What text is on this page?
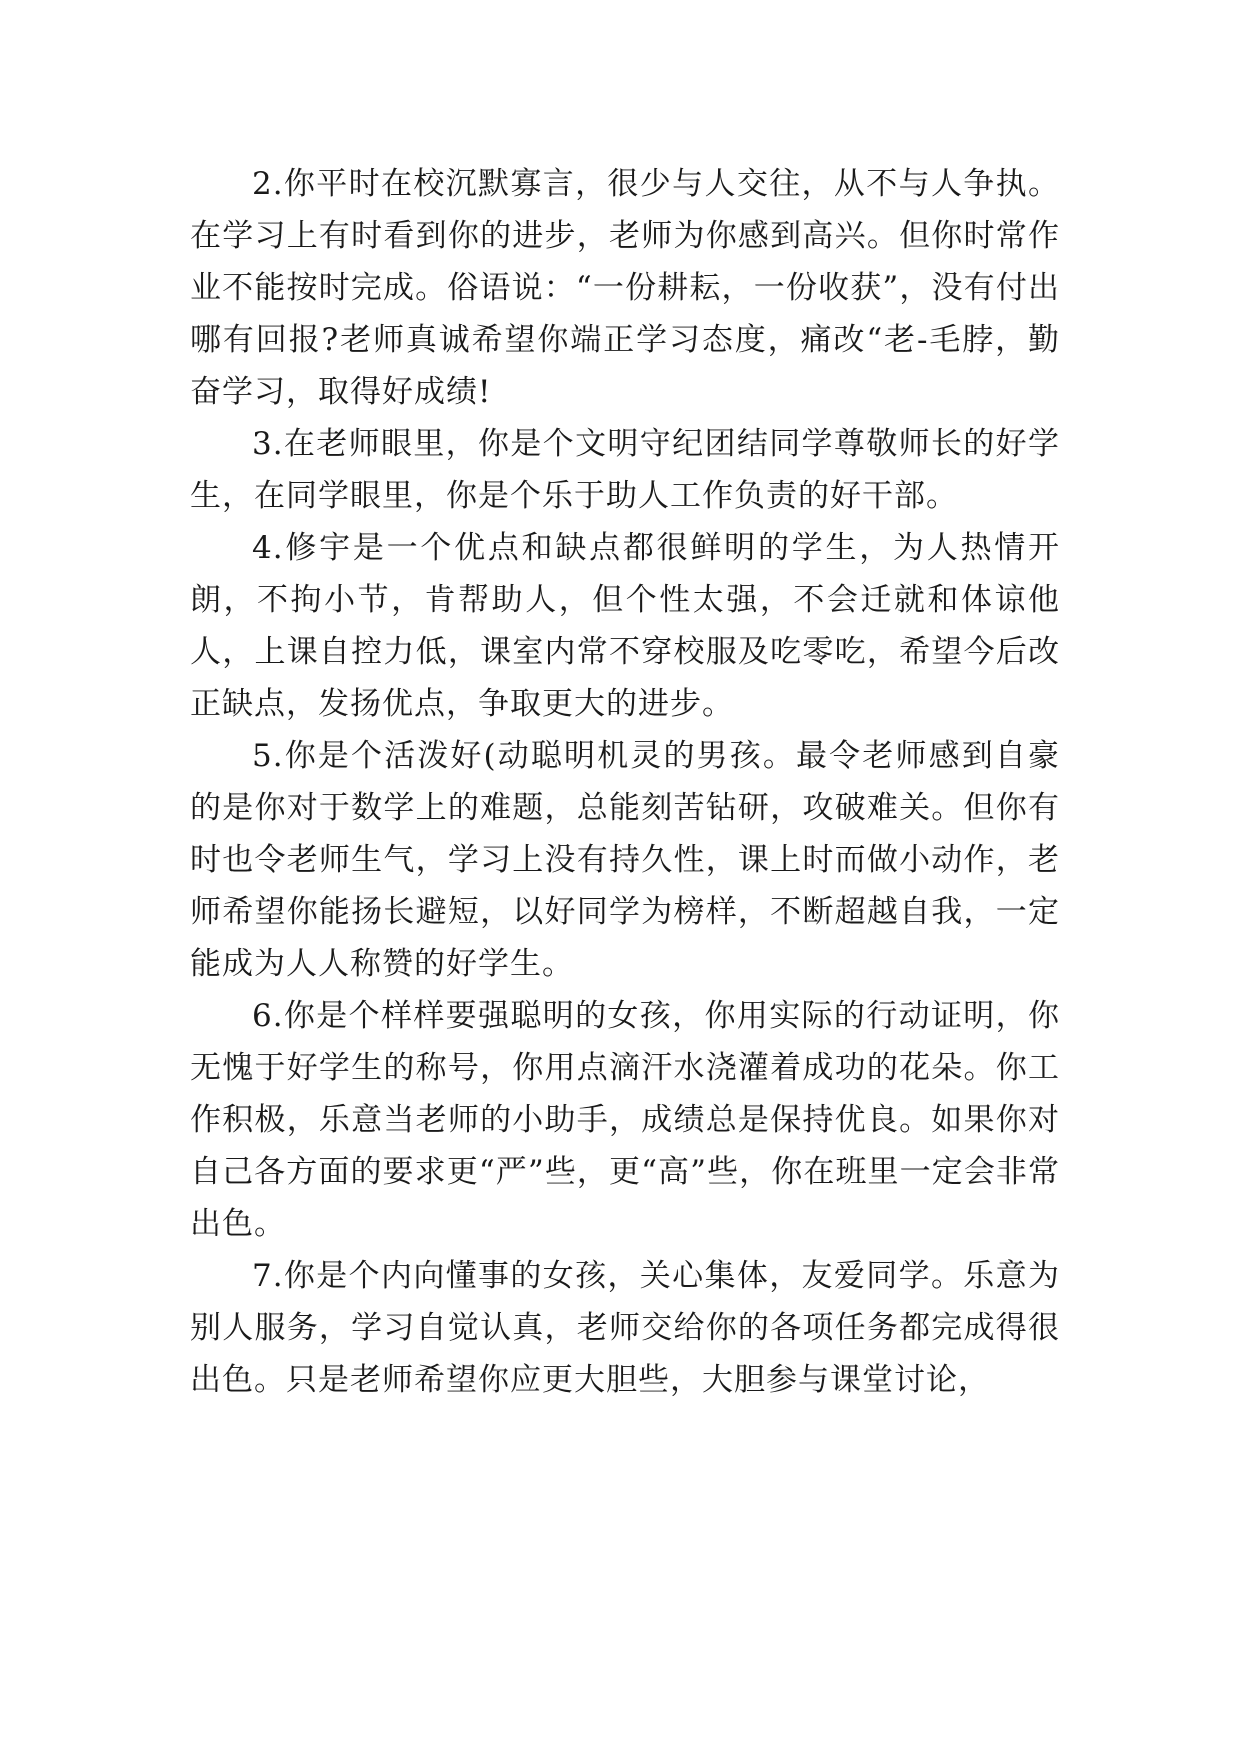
2.你平时在校沉默寡言，很少与人交往，从不与人争执。在学习上有时看到你的进步，老师为你感到高兴。但你时常作业不能按时完成。俗语说：“一份耕耘，一份收获”，没有付出哪有回报?老师真诚希望你端正学习态度，痛改“老-毛脖，勤奋学习，取得好成绩!

3.在老师眼里，你是个文明守纪团结同学尊敬师长的好学生，在同学眼里，你是个乐于助人工作负责的好干部。

4.修宇是一个优点和缺点都很鲜明的学生，为人热情开朗，不拘小节，肯帮助人，但个性太强，不会迁就和体谅他人，上课自控力低，课室内常不穿校服及吃零吃，希望今后改正缺点，发扬优点，争取更大的进步。

5.你是个活泼好(动聪明机灵的男孩。最令老师感到自豪的是你对于数学上的难题，总能刻苦钻研，攻破难关。但你有时也令老师生气，学习上没有持久性，课上时而做小动作，老师希望你能扬长避短，以好同学为榜样，不断超越自我，一定能成为人人称赞的好学生。

6.你是个样样要强聪明的女孩，你用实际的行动证明，你无愧于好学生的称号，你用点滴汗水浇灌着成功的花朵。你工作积极，乐意当老师的小助手，成绩总是保持优良。如果你对自己各方面的要求更“严”些，更“高”些，你在班里一定会非常出色。

7.你是个内向懂事的女孩，关心集体，友爱同学。乐意为别人服务，学习自觉认真，老师交给你的各项任务都完成得很出色。只是老师希望你应更大胆些，大胆参与课堂讨论，
